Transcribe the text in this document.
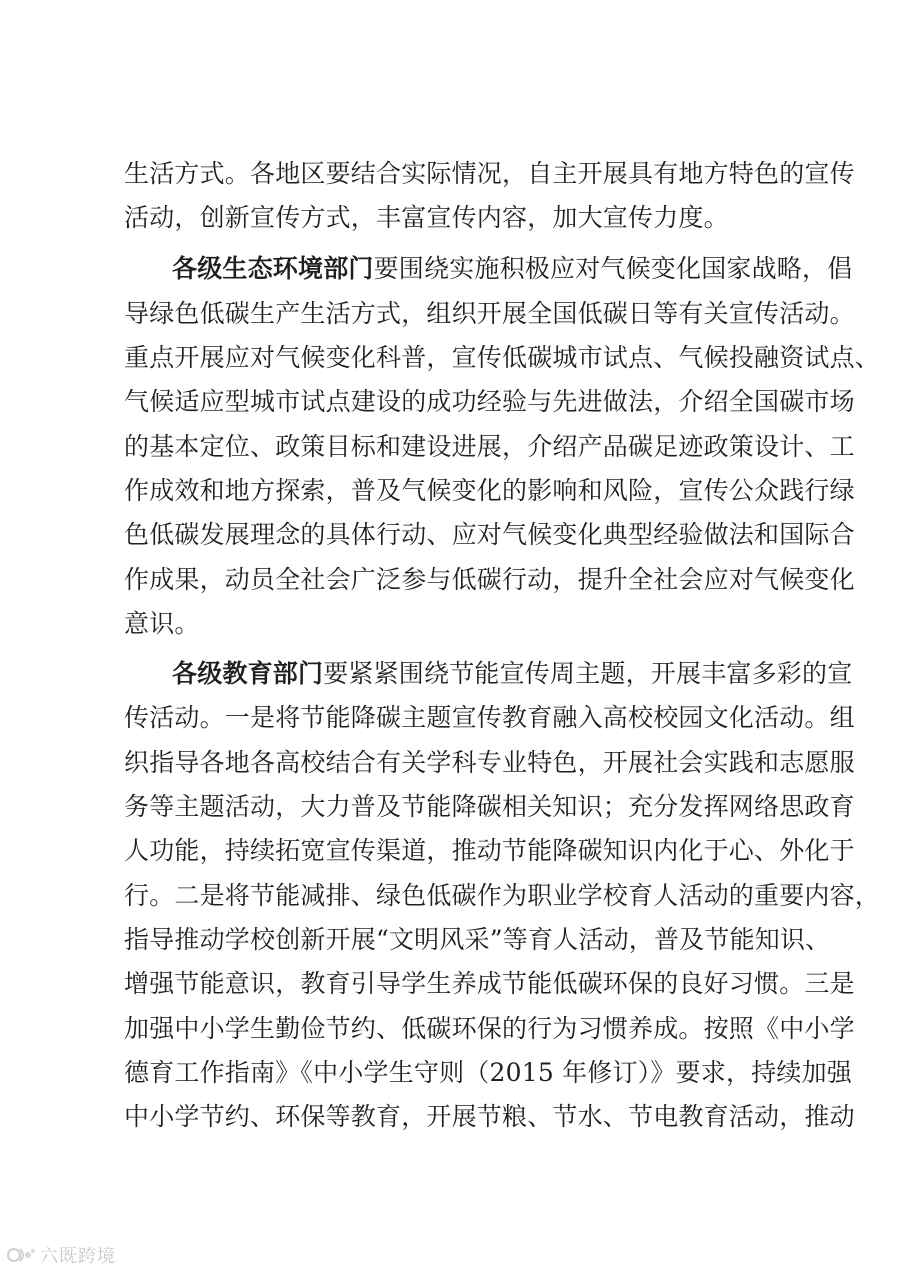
生活方式。各地区要结合实际情况，自主开展具有地方特色的宣传
活动，创新宣传方式，丰富宣传内容，加大宣传力度。
各级生态环境部门要围绕实施积极应对气候变化国家战略，倡
导绿色低碳生产生活方式，组织开展全国低碳日等有关宣传活动。
重点开展应对气候变化科普，宣传低碳城市试点、气候投融资试点、
气候适应型城市试点建设的成功经验与先进做法，介绍全国碳市场
的基本定位、政策目标和建设进展，介绍产品碳足迹政策设计、工
作成效和地方探索，普及气候变化的影响和风险，宣传公众践行绿
色低碳发展理念的具体行动、应对气候变化典型经验做法和国际合
作成果，动员全社会广泛参与低碳行动，提升全社会应对气候变化
意识。
各级教育部门要紧紧围绕节能宣传周主题，开展丰富多彩的宣
传活动。一是将节能降碳主题宣传教育融入高校校园文化活动。组
织指导各地各高校结合有关学科专业特色，开展社会实践和志愿服
务等主题活动，大力普及节能降碳相关知识；充分发挥网络思政育
人功能，持续拓宽宣传渠道，推动节能降碳知识内化于心、外化于
行。二是将节能减排、绿色低碳作为职业学校育人活动的重要内容，
指导推动学校创新开展“文明风采”等育人活动，普及节能知识、
增强节能意识，教育引导学生养成节能低碳环保的良好习惯。三是
加强中小学生勤俭节约、低碳环保的行为习惯养成。按照《中小学
德育工作指南》《中小学生守则（2015 年修订）》要求，持续加强
中小学节约、环保等教育，开展节粮、节水、节电教育活动，推动
六既跨境
